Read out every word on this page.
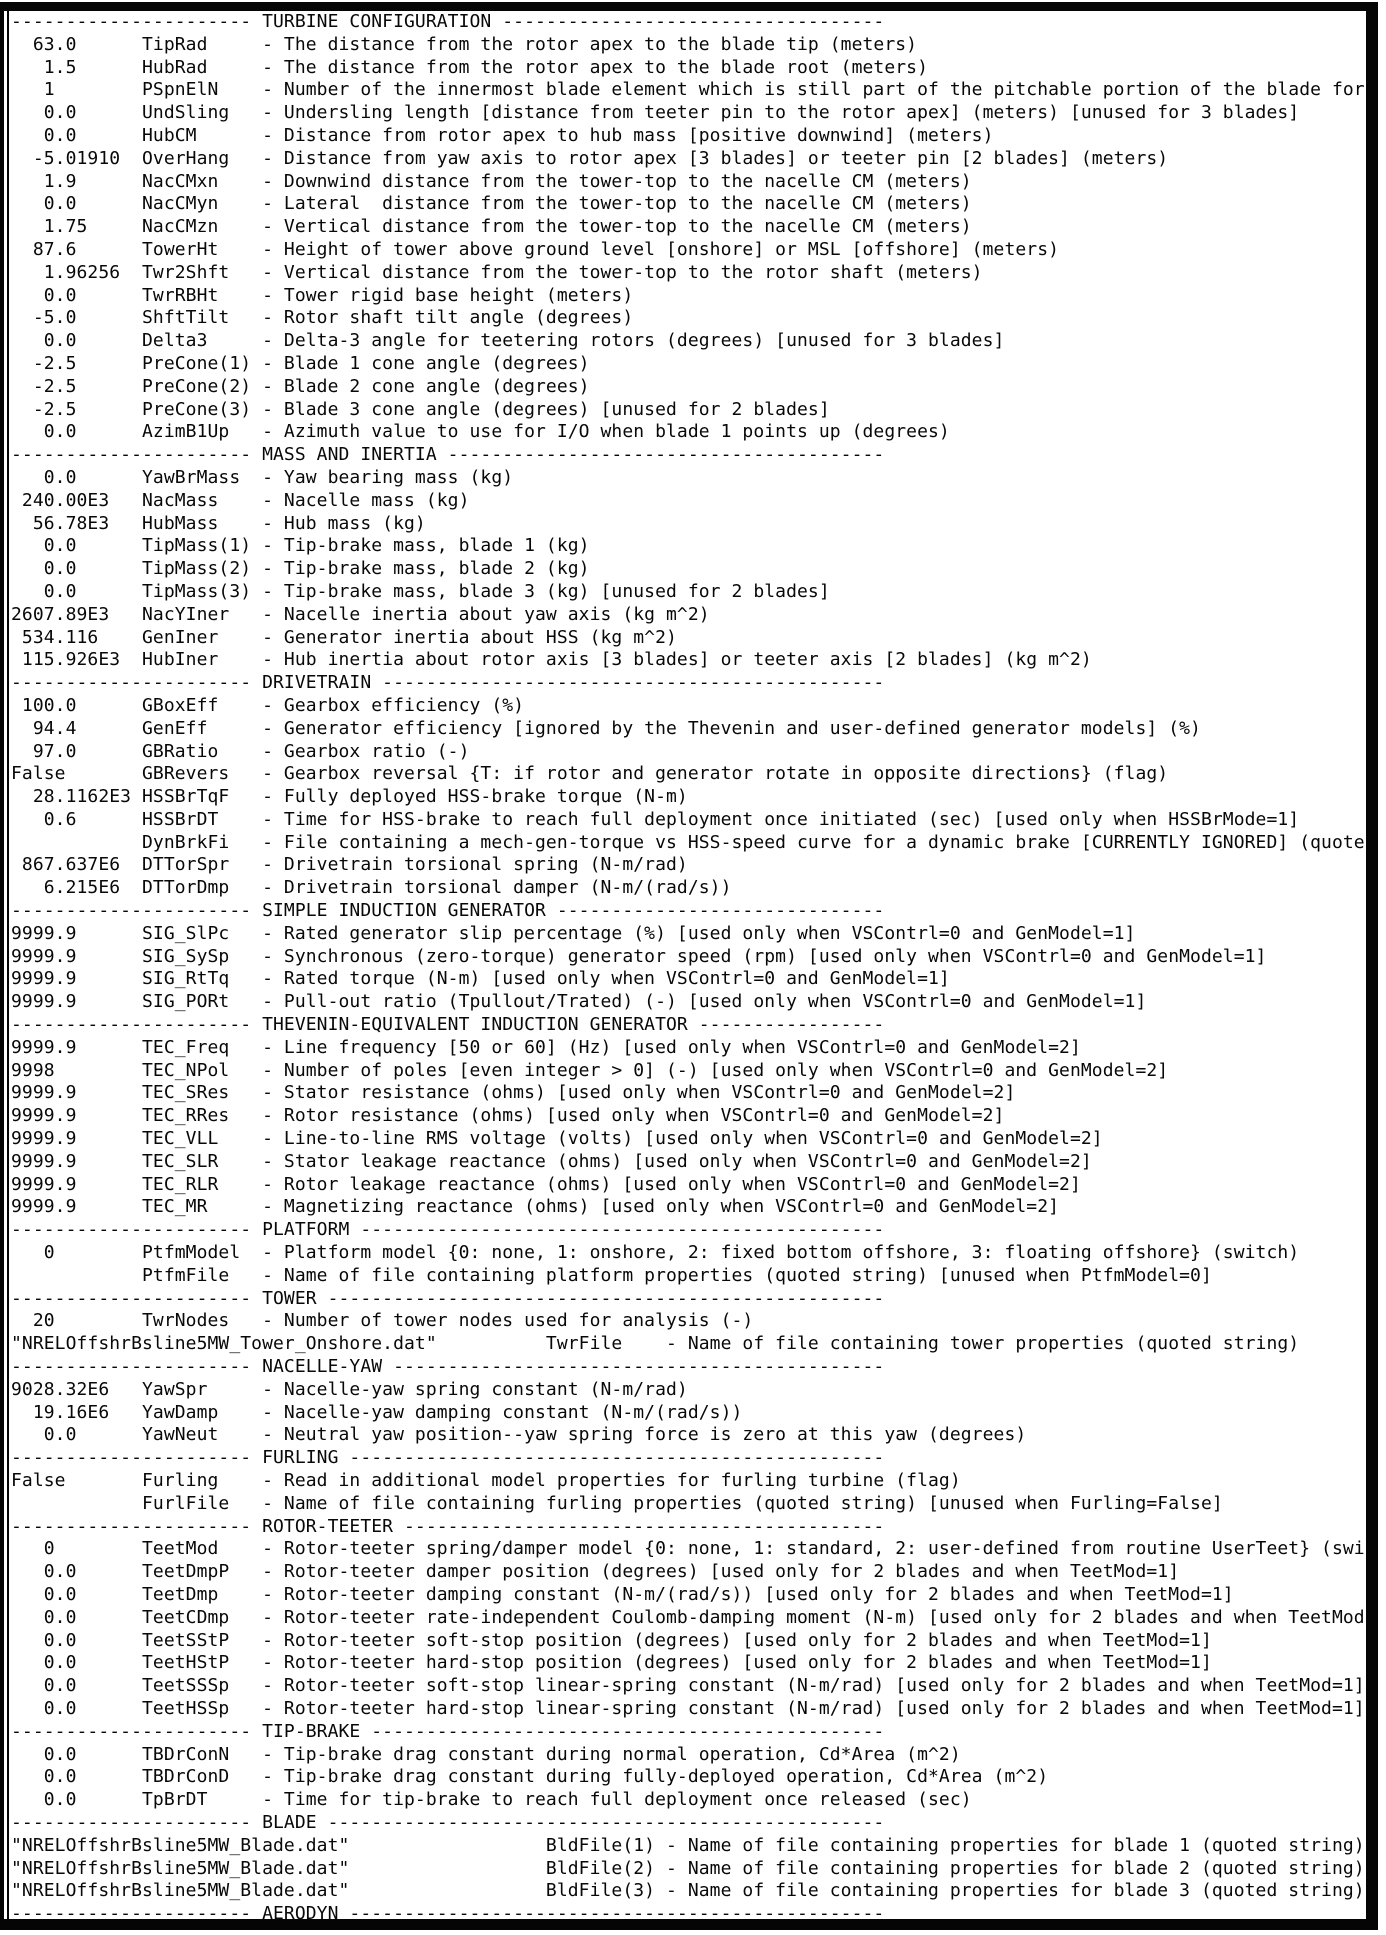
---------------------- TURBINE CONFIGURATION -----------------------------------
63.0      TipRad     - The distance from the rotor apex to the blade tip (meters)
1.5      HubRad     - The distance from the rotor apex to the blade root (meters)
1        PSpnElN    - Number of the innermost blade element which is still part of the pitchable portion of the blade for
0.0      UndSling   - Undersling length [distance from teeter pin to the rotor apex] (meters) [unused for 3 blades]
0.0      HubCM      - Distance from rotor apex to hub mass [positive downwind] (meters)
-5.01910  OverHang   - Distance from yaw axis to rotor apex [3 blades] or teeter pin [2 blades] (meters)
1.9      NacCMxn    - Downwind distance from the tower-top to the nacelle CM (meters)
0.0      NacCMyn    - Lateral  distance from the tower-top to the nacelle CM (meters)
1.75     NacCMzn    - Vertical distance from the tower-top to the nacelle CM (meters)
87.6      TowerHt    - Height of tower above ground level [onshore] or MSL [offshore] (meters)
1.96256  Twr2Shft   - Vertical distance from the tower-top to the rotor shaft (meters)
0.0      TwrRBHt    - Tower rigid base height (meters)
-5.0      ShftTilt   - Rotor shaft tilt angle (degrees)
0.0      Delta3     - Delta-3 angle for teetering rotors (degrees) [unused for 3 blades]
-2.5      PreCone(1) - Blade 1 cone angle (degrees)
-2.5      PreCone(2) - Blade 2 cone angle (degrees)
-2.5      PreCone(3) - Blade 3 cone angle (degrees) [unused for 2 blades]
0.0      AzimB1Up   - Azimuth value to use for I/O when blade 1 points up (degrees)
---------------------- MASS AND INERTIA ----------------------------------------
0.0      YawBrMass  - Yaw bearing mass (kg)
240.00E3   NacMass    - Nacelle mass (kg)
56.78E3   HubMass    - Hub mass (kg)
0.0      TipMass(1) - Tip-brake mass, blade 1 (kg)
0.0      TipMass(2) - Tip-brake mass, blade 2 (kg)
0.0      TipMass(3) - Tip-brake mass, blade 3 (kg) [unused for 2 blades]
2607.89E3   NacYIner   - Nacelle inertia about yaw axis (kg m^2)
534.116    GenIner    - Generator inertia about HSS (kg m^2)
115.926E3  HubIner    - Hub inertia about rotor axis [3 blades] or teeter axis [2 blades] (kg m^2)
---------------------- DRIVETRAIN ----------------------------------------------
100.0      GBoxEff    - Gearbox efficiency (%)
94.4      GenEff     - Generator efficiency [ignored by the Thevenin and user-defined generator models] (%)
97.0      GBRatio    - Gearbox ratio (-)
False       GBRevers   - Gearbox reversal {T: if rotor and generator rotate in opposite directions} (flag)
28.1162E3 HSSBrTqF   - Fully deployed HSS-brake torque (N-m)
0.6      HSSBrDT    - Time for HSS-brake to reach full deployment once initiated (sec) [used only when HSSBrMode=1]
DynBrkFi   - File containing a mech-gen-torque vs HSS-speed curve for a dynamic brake [CURRENTLY IGNORED] (quote
867.637E6  DTTorSpr   - Drivetrain torsional spring (N-m/rad)
6.215E6  DTTorDmp   - Drivetrain torsional damper (N-m/(rad/s))
---------------------- SIMPLE INDUCTION GENERATOR ------------------------------
9999.9      SIG_SlPc   - Rated generator slip percentage (%) [used only when VSContrl=0 and GenModel=1]
9999.9      SIG_SySp   - Synchronous (zero-torque) generator speed (rpm) [used only when VSContrl=0 and GenModel=1]
9999.9      SIG_RtTq   - Rated torque (N-m) [used only when VSContrl=0 and GenModel=1]
9999.9      SIG_PORt   - Pull-out ratio (Tpullout/Trated) (-) [used only when VSContrl=0 and GenModel=1]
---------------------- THEVENIN-EQUIVALENT INDUCTION GENERATOR -----------------
9999.9      TEC_Freq   - Line frequency [50 or 60] (Hz) [used only when VSContrl=0 and GenModel=2]
9998        TEC_NPol   - Number of poles [even integer > 0] (-) [used only when VSContrl=0 and GenModel=2]
9999.9      TEC_SRes   - Stator resistance (ohms) [used only when VSContrl=0 and GenModel=2]
9999.9      TEC_RRes   - Rotor resistance (ohms) [used only when VSContrl=0 and GenModel=2]
9999.9      TEC_VLL    - Line-to-line RMS voltage (volts) [used only when VSContrl=0 and GenModel=2]
9999.9      TEC_SLR    - Stator leakage reactance (ohms) [used only when VSContrl=0 and GenModel=2]
9999.9      TEC_RLR    - Rotor leakage reactance (ohms) [used only when VSContrl=0 and GenModel=2]
9999.9      TEC_MR     - Magnetizing reactance (ohms) [used only when VSContrl=0 and GenModel=2]
---------------------- PLATFORM ------------------------------------------------
0        PtfmModel  - Platform model {0: none, 1: onshore, 2: fixed bottom offshore, 3: floating offshore} (switch)
PtfmFile   - Name of file containing platform properties (quoted string) [unused when PtfmModel=0]
---------------------- TOWER ---------------------------------------------------
20        TwrNodes   - Number of tower nodes used for analysis (-)
"NRELOffshrBsline5MW_Tower_Onshore.dat"          TwrFile    - Name of file containing tower properties (quoted string)
---------------------- NACELLE-YAW ---------------------------------------------
9028.32E6   YawSpr     - Nacelle-yaw spring constant (N-m/rad)
19.16E6   YawDamp    - Nacelle-yaw damping constant (N-m/(rad/s))
0.0      YawNeut    - Neutral yaw position--yaw spring force is zero at this yaw (degrees)
---------------------- FURLING -------------------------------------------------
False       Furling    - Read in additional model properties for furling turbine (flag)
FurlFile   - Name of file containing furling properties (quoted string) [unused when Furling=False]
---------------------- ROTOR-TEETER --------------------------------------------
0        TeetMod    - Rotor-teeter spring/damper model {0: none, 1: standard, 2: user-defined from routine UserTeet} (swi
0.0      TeetDmpP   - Rotor-teeter damper position (degrees) [used only for 2 blades and when TeetMod=1]
0.0      TeetDmp    - Rotor-teeter damping constant (N-m/(rad/s)) [used only for 2 blades and when TeetMod=1]
0.0      TeetCDmp   - Rotor-teeter rate-independent Coulomb-damping moment (N-m) [used only for 2 blades and when TeetMod
0.0      TeetSStP   - Rotor-teeter soft-stop position (degrees) [used only for 2 blades and when TeetMod=1]
0.0      TeetHStP   - Rotor-teeter hard-stop position (degrees) [used only for 2 blades and when TeetMod=1]
0.0      TeetSSSp   - Rotor-teeter soft-stop linear-spring constant (N-m/rad) [used only for 2 blades and when TeetMod=1]
0.0      TeetHSSp   - Rotor-teeter hard-stop linear-spring constant (N-m/rad) [used only for 2 blades and when TeetMod=1]
---------------------- TIP-BRAKE -----------------------------------------------
0.0      TBDrConN   - Tip-brake drag constant during normal operation, Cd*Area (m^2)
0.0      TBDrConD   - Tip-brake drag constant during fully-deployed operation, Cd*Area (m^2)
0.0      TpBrDT     - Time for tip-brake to reach full deployment once released (sec)
---------------------- BLADE ---------------------------------------------------
"NRELOffshrBsline5MW_Blade.dat"                  BldFile(1) - Name of file containing properties for blade 1 (quoted string)
"NRELOffshrBsline5MW_Blade.dat"                  BldFile(2) - Name of file containing properties for blade 2 (quoted string)
"NRELOffshrBsline5MW_Blade.dat"                  BldFile(3) - Name of file containing properties for blade 3 (quoted string)
---------------------- AERODYN -------------------------------------------------
